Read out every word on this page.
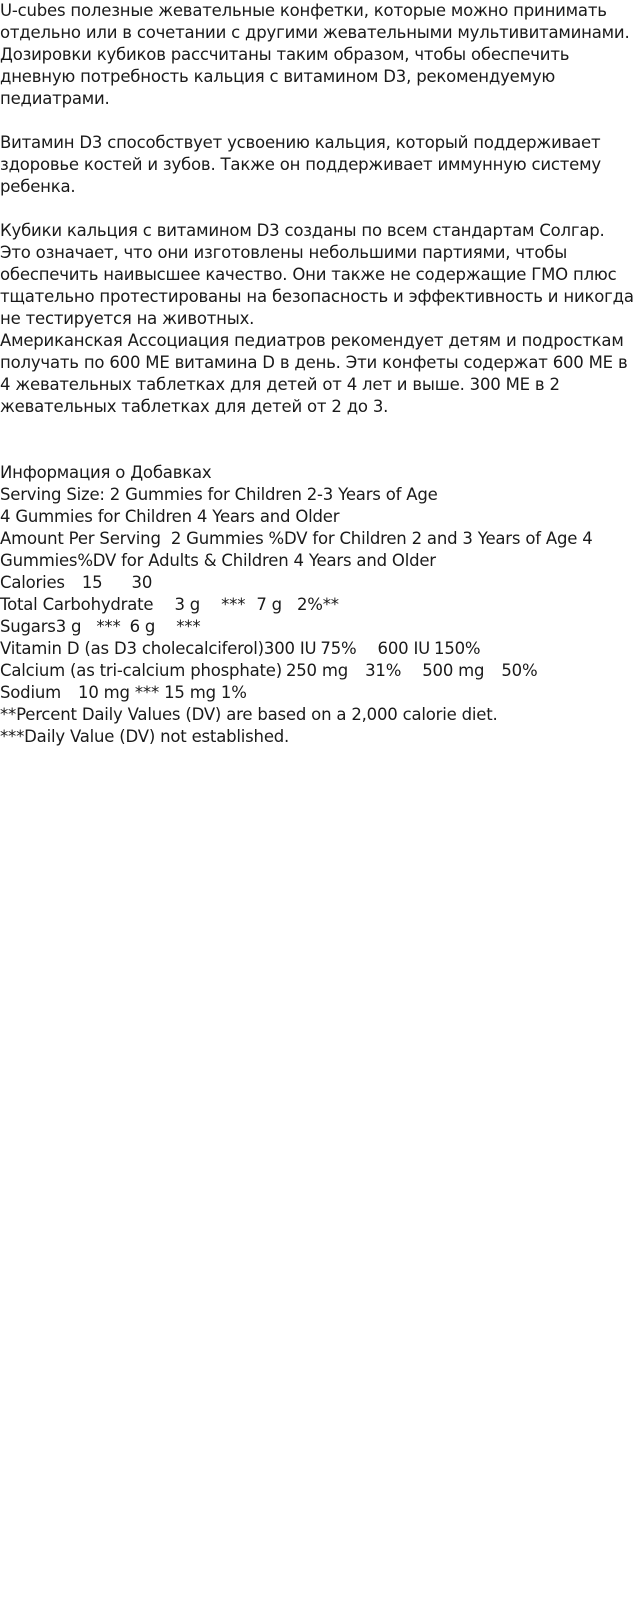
U-cubes полезные жевательные конфетки, которые можно принимать отдельно или в сочетании с другими жевательными мультивитаминами. Дозировки кубиков рассчитаны таким образом, чтобы обеспечить дневную потребность кальция с витамином D3, рекомендуемую педиатрами.

Витамин D3 способствует усвоению кальция, который поддерживает здоровье костей и зубов. Также он поддерживает иммунную систему ребенка.

Кубики кальция с витамином D3 созданы по всем стандартам Солгар. Это означает, что они изготовлены небольшими партиями, чтобы обеспечить наивысшее качество. Они также не содержащие ГМО плюс тщательно протестированы на безопасность и эффективность и никогда не тестируется на животных.

Американская Ассоциация педиатров рекомендует детям и подросткам получать по 600 МЕ витамина D в день. Эти конфеты содержат 600 МЕ в 4 жевательных таблетках для детей от 4 лет и выше. 300 МЕ в 2 жевательных таблетках для детей от 2 до 3.

Информация о Добавках
Serving Size: 2 Gummies for Children 2-3 Years of Age
4 Gummies for Children 4 Years and Older
Amount Per Serving 2 Gummies %DV for Children 2 and 3 Years of Age 4 Gummies%DV for Adults & Children 4 Years and Older
Calories 15 30
Total Carbohydrate 3 g *** 7 g 2%**
Sugars3 g *** 6 g ***
Vitamin D (as D3 cholecalciferol)300 IU 75% 600 IU 150%
Calcium (as tri-calcium phosphate) 250 mg 31% 500 mg 50%
Sodium 10 mg *** 15 mg 1%
**Percent Daily Values (DV) are based on a 2,000 calorie diet.
***Daily Value (DV) not established.
